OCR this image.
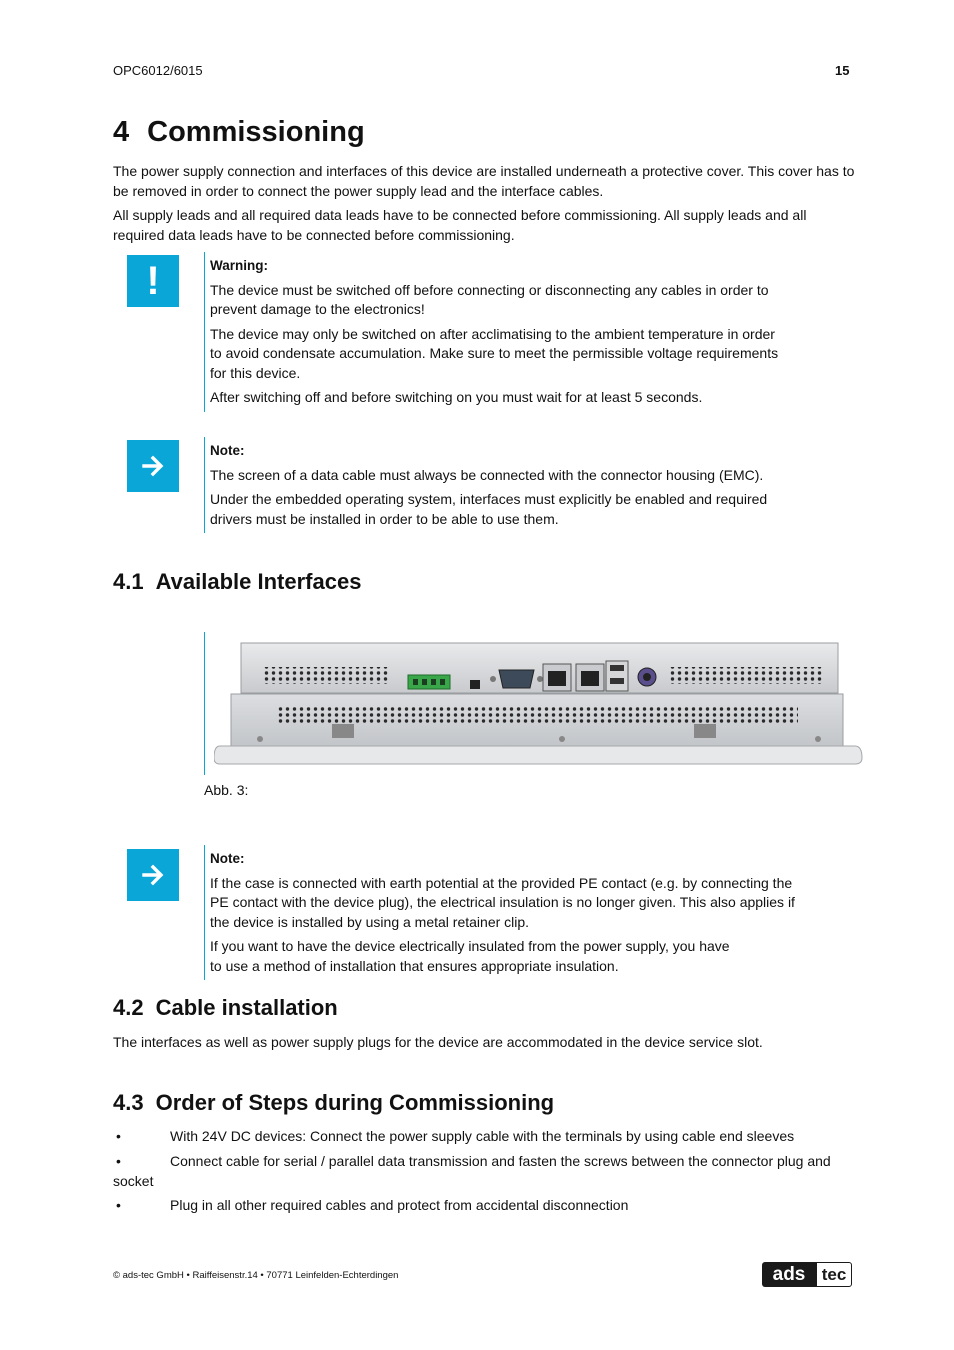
OPC6012/6015	15
4 Commissioning

The power supply connection and interfaces of this device are installed underneath a protective cover. This cover has to be removed in order to connect the power supply lead and the interface cables.

All supply leads and all required data leads have to be connected before commissioning. All supply leads and all required data leads have to be connected before commissioning.

!	Warning:

The device must be switched off before connecting or disconnecting any cables in order to prevent damage to the electronics!

The device may only be switched on after acclimatising to the ambient temperature in order to avoid condensate accumulation. Make sure to meet the permissible voltage requirements for this device.

After switching off and before switching on you must wait for at least 5 seconds.

Note:

The screen of a data cable must always be connected with the connector housing (EMC).

Under the embedded operating system, interfaces must explicitly be enabled and required drivers must be installed in order to be able to use them.

4.1 Available Interfaces
Abb. 3:
Note:

If the case is connected with earth potential at the provided PE contact (e.g. by connecting the PE contact with the device plug), the electrical insulation is no longer given. This also applies if the device is installed by using a metal retainer clip.

If you want to have the device electrically insulated from the power supply, you have to use a method of installation that ensures appropriate insulation.

4.2 Cable installation

The interfaces as well as power supply plugs for the device are accommodated in the device service slot.

4.3 Order of Steps during Commissioning
•	With 24V DC devices: Connect the power supply cable with the terminals by using cable end sleeves
•	Connect cable for serial / parallel data transmission and fasten the screws between the connector plug and socket
•	Plug in all other required cables and protect from accidental disconnection
© ads-tec GmbH • Raiffeisenstr.14 • 70771 Leinfelden-Echterdingen	ads tec
